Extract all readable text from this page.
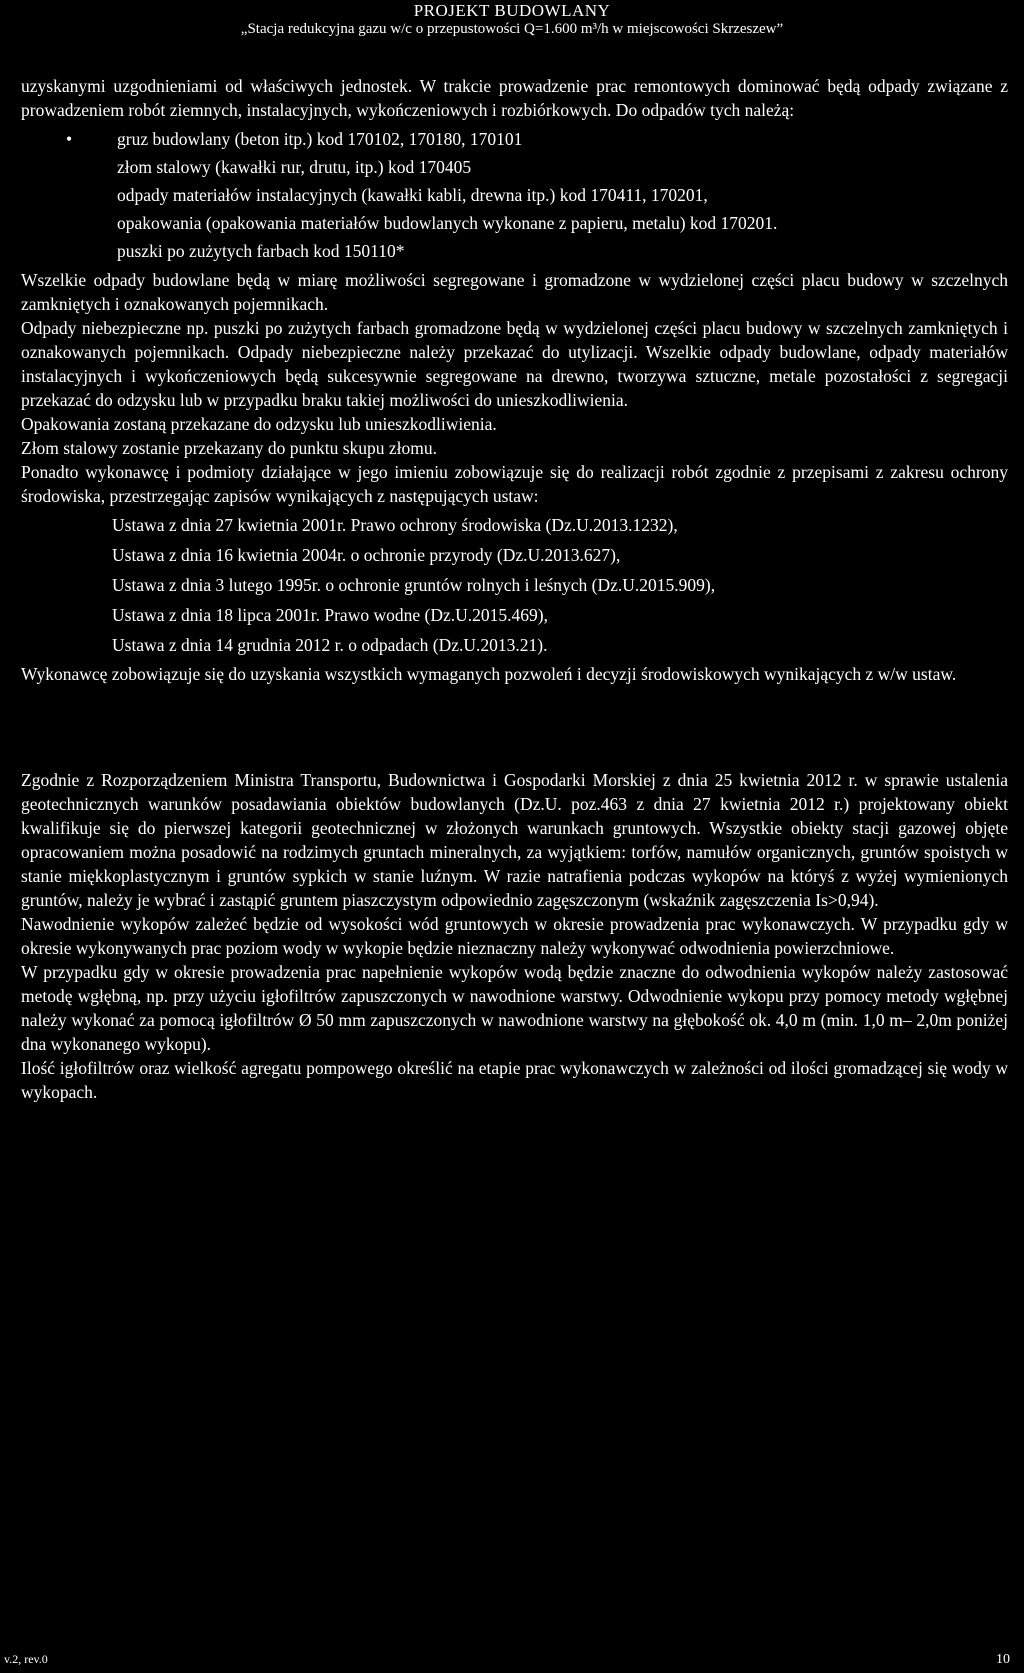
PROJEKT BUDOWLANY
„Stacja redukcyjna gazu w/c o przepustowości Q=1.600 m³/h w miejscowości Skrzeszew”

uzyskanymi uzgodnieniami od właściwych jednostek. W trakcie prowadzenie prac remontowych dominować będą odpady związane z prowadzeniem robót ziemnych, instalacyjnych, wykończeniowych i rozbiórkowych. Do odpadów tych należą:

•	gruz budowlany (beton itp.) kod 170102, 170180, 170101
złom stalowy (kawałki rur, drutu, itp.) kod 170405
odpady materiałów instalacyjnych (kawałki kabli, drewna itp.) kod 170411, 170201,
opakowania (opakowania materiałów budowlanych wykonane z papieru, metalu) kod 170201.
puszki po zużytych farbach kod 150110*

Wszelkie odpady budowlane będą w miarę możliwości segregowane i gromadzone w wydzielonej części placu budowy w szczelnych zamkniętych i oznakowanych pojemnikach.

Odpady niebezpieczne np. puszki po zużytych farbach gromadzone będą w wydzielonej części placu budowy w szczelnych zamkniętych i oznakowanych pojemnikach. Odpady niebezpieczne należy przekazać do utylizacji. Wszelkie odpady budowlane, odpady materiałów instalacyjnych i wykończeniowych będą sukcesywnie segregowane na drewno, tworzywa sztuczne, metale pozostałości z segregacji przekazać do odzysku lub w przypadku braku takiej możliwości do unieszkodliwienia.

Opakowania zostaną przekazane do odzysku lub unieszkodliwienia.

Złom stalowy zostanie przekazany do punktu skupu złomu.

Ponadto wykonawcę i podmioty działające w jego imieniu zobowiązuje się do realizacji robót zgodnie z przepisami z zakresu ochrony środowiska, przestrzegając zapisów wynikających z następujących ustaw:

Ustawa z dnia 27 kwietnia 2001r. Prawo ochrony środowiska (Dz.U.2013.1232),
Ustawa z dnia 16 kwietnia 2004r. o ochronie przyrody (Dz.U.2013.627),
Ustawa z dnia 3 lutego 1995r. o ochronie gruntów rolnych i leśnych (Dz.U.2015.909),
Ustawa z dnia 18 lipca 2001r. Prawo wodne (Dz.U.2015.469),
Ustawa z dnia 14 grudnia 2012 r. o odpadach (Dz.U.2013.21).

Wykonawcę zobowiązuje się do uzyskania wszystkich wymaganych pozwoleń i decyzji środowiskowych wynikających z w/w ustaw.

Zgodnie z Rozporządzeniem Ministra Transportu, Budownictwa i Gospodarki Morskiej z dnia 25 kwietnia 2012 r. w sprawie ustalenia geotechnicznych warunków posadawiania obiektów budowlanych (Dz.U. poz.463 z dnia 27 kwietnia 2012 r.) projektowany obiekt kwalifikuje się do pierwszej kategorii geotechnicznej w złożonych warunkach gruntowych. Wszystkie obiekty stacji gazowej objęte opracowaniem można posadowić na rodzimych gruntach mineralnych, za wyjątkiem: torfów, namułów organicznych, gruntów spoistych w stanie miękkoplastycznym i gruntów sypkich w stanie luźnym. W razie natrafienia podczas wykopów na któryś z wyżej wymienionych gruntów, należy je wybrać i zastąpić gruntem piaszczystym odpowiednio zagęszczonym (wskaźnik zagęszczenia Is>0,94).

Nawodnienie wykopów zależeć będzie od wysokości wód gruntowych w okresie prowadzenia prac wykonawczych. W przypadku gdy w okresie wykonywanych prac poziom wody w wykopie będzie nieznaczny należy wykonywać odwodnienia powierzchniowe.

W przypadku gdy w okresie prowadzenia prac napełnienie wykopów wodą będzie znaczne do odwodnienia wykopów należy zastosować metodę wgłębną, np. przy użyciu igłofiltrów zapuszczonych w nawodnione warstwy. Odwodnienie wykopu przy pomocy metody wgłębnej należy wykonać za pomocą igłofiltrów Ø 50 mm zapuszczonych w nawodnione warstwy na głębokość ok. 4,0 m (min. 1,0 m– 2,0m poniżej dna wykonanego wykopu).

Ilość igłofiltrów oraz wielkość agregatu pompowego określić na etapie prac wykonawczych w zależności od ilości gromadzącej się wody w wykopach.

v.2, rev.0	10
